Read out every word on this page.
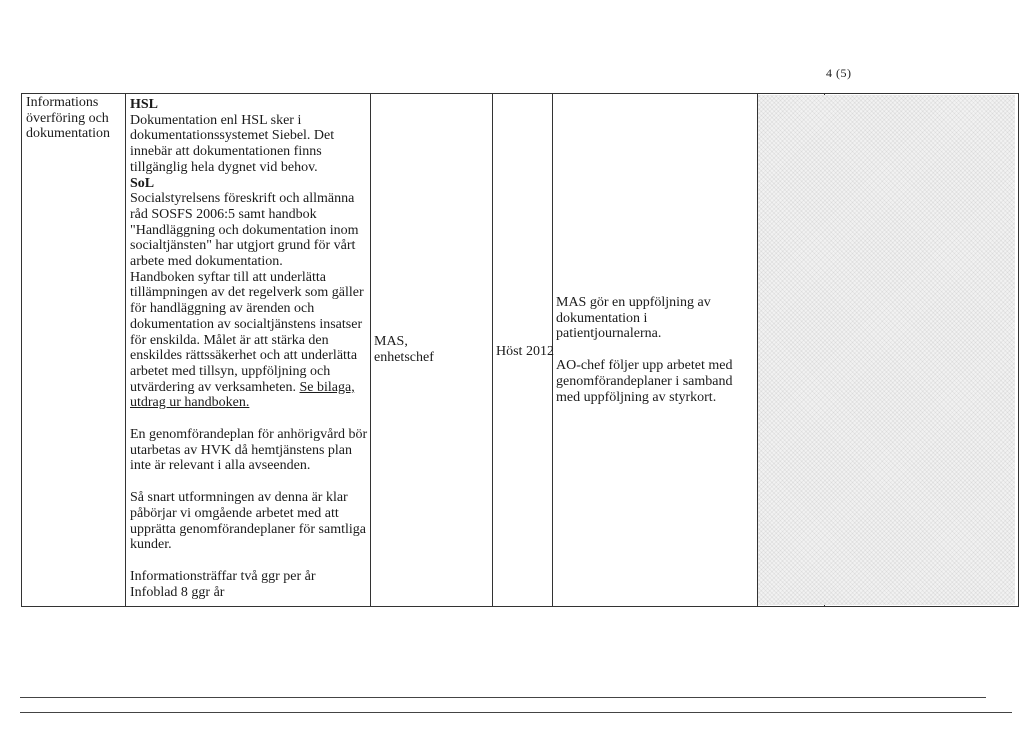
4 (5)

Informations

överföring och

dokumentation

HSL

Dokumentation enl HSL sker i

dokumentationssystemet Siebel. Det

innebär att dokumentationen finns

tillgänglig hela dygnet vid behov.

SoL

Socialstyrelsens föreskrift och allmänna

råd SOSFS 2006:5 samt handbok

"Handläggning och dokumentation inom

socialtjänsten" har utgjort grund för vårt

arbete med dokumentation.

Handboken syftar till att underlätta

tillämpningen av det regelverk som gäller

för handläggning av ärenden och

dokumentation av socialtjänstens insatser

för enskilda. Målet är att stärka den

enskildes rättssäkerhet och att underlätta

arbetet med tillsyn, uppföljning och

utvärdering av verksamheten. Se bilaga,

utdrag ur handboken.

En genomförandeplan för anhörigvård bör

utarbetas av HVK då hemtjänstens plan

inte är relevant i alla avseenden.

Så snart utformningen av denna är klar

påbörjar vi omgående arbetet med att

upprätta genomförandeplaner för samtliga

kunder.

Informationsträffar två ggr per år

Infoblad 8 ggr år

MAS,

enhetschef	Höst 2012

MAS gör en uppföljning av

dokumentation i

patientjournalerna.

AO-chef följer upp arbetet med

genomförandeplaner i samband

med uppföljning av styrkort.
